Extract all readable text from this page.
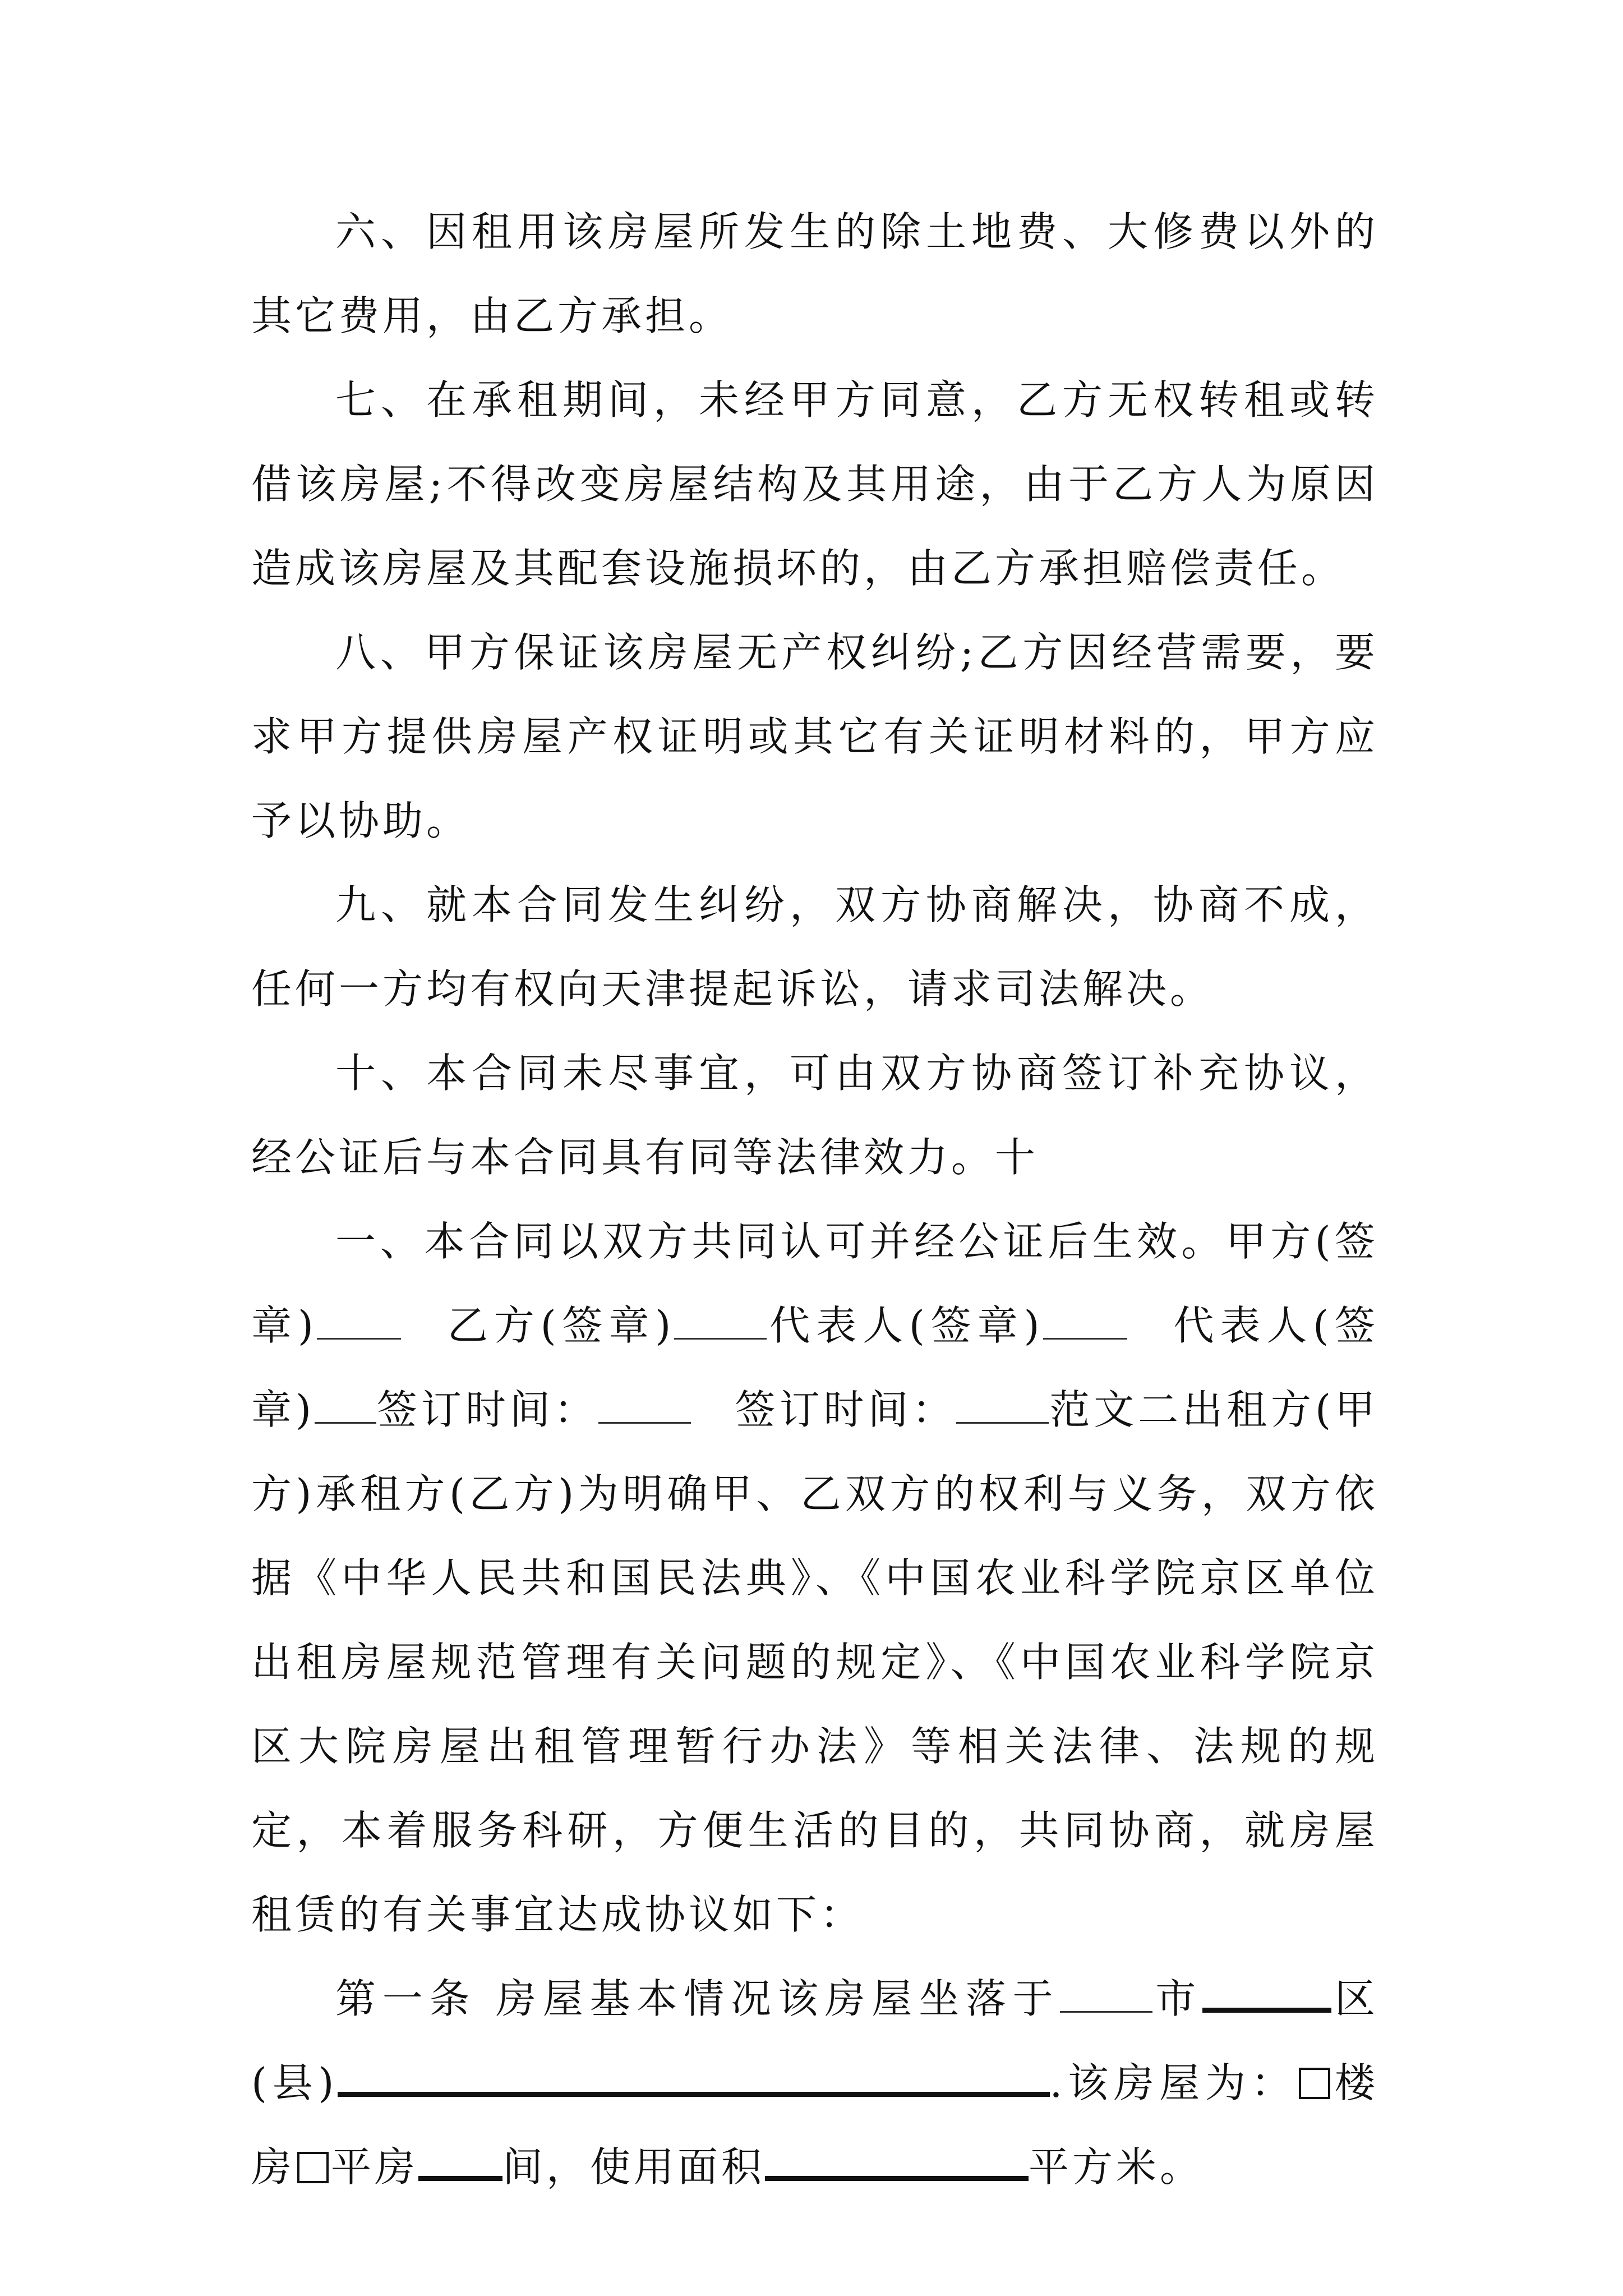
六、因租用该房屋所发生的除土地费、大修费以外的其它费用，由乙方承担。

七、在承租期间，未经甲方同意，乙方无权转租或转借该房屋;不得改变房屋结构及其用途，由于乙方人为原因造成该房屋及其配套设施损坏的，由乙方承担赔偿责任。

八、甲方保证该房屋无产权纠纷;乙方因经营需要，要求甲方提供房屋产权证明或其它有关证明材料的，甲方应予以协助。

九、就本合同发生纠纷，双方协商解决，协商不成，任何一方均有权向天津提起诉讼，请求司法解决。

十、本合同未尽事宜，可由双方协商签订补充协议，经公证后与本合同具有同等法律效力。十

一、本合同以双方共同认可并经公证后生效。甲方(签章) 	乙方(签章) 代表人(签章) 	代表人(签章) 签订时间： 	签订时间： 范文二出租方(甲方)承租方(乙方)为明确甲、乙双方的权利与义务，双方依据《中华人民共和国民法典》、《中国农业科学院京区单位出租房屋规范管理有关问题的规定》、《中国农业科学院京区大院房屋出租管理暂行办法》等相关法律、法规的规定，本着服务科研，方便生活的目的，共同协商，就房屋租赁的有关事宜达成协议如下：

第一条 房屋基本情况该房屋坐落于 市	区(县)	.该房屋为： 楼房 平房 间，使用面积	平方米。
